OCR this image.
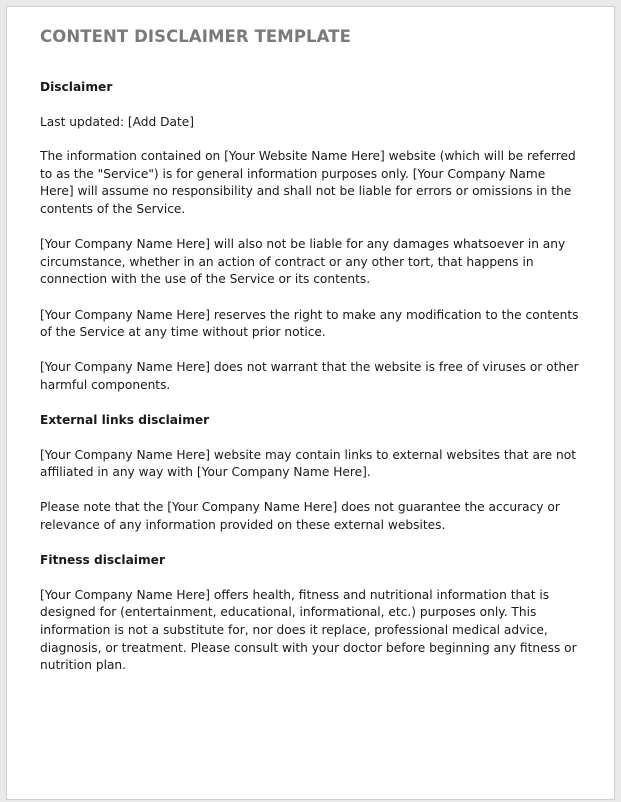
CONTENT DISCLAIMER TEMPLATE
Disclaimer

Last updated: [Add Date]

The information contained on [Your Website Name Here] website (which will be referred to as the "Service") is for general information purposes only. [Your Company Name Here] will assume no responsibility and shall not be liable for errors or omissions in the contents of the Service.

[Your Company Name Here] will also not be liable for any damages whatsoever in any circumstance, whether in an action of contract or any other tort, that happens in connection with the use of the Service or its contents.

[Your Company Name Here] reserves the right to make any modification to the contents of the Service at any time without prior notice.

[Your Company Name Here] does not warrant that the website is free of viruses or other harmful components.

External links disclaimer

[Your Company Name Here] website may contain links to external websites that are not affiliated in any way with [Your Company Name Here].

Please note that the [Your Company Name Here] does not guarantee the accuracy or relevance of any information provided on these external websites.

Fitness disclaimer

[Your Company Name Here] offers health, fitness and nutritional information that is designed for (entertainment, educational, informational, etc.) purposes only. This information is not a substitute for, nor does it replace, professional medical advice, diagnosis, or treatment. Please consult with your doctor before beginning any fitness or nutrition plan.
